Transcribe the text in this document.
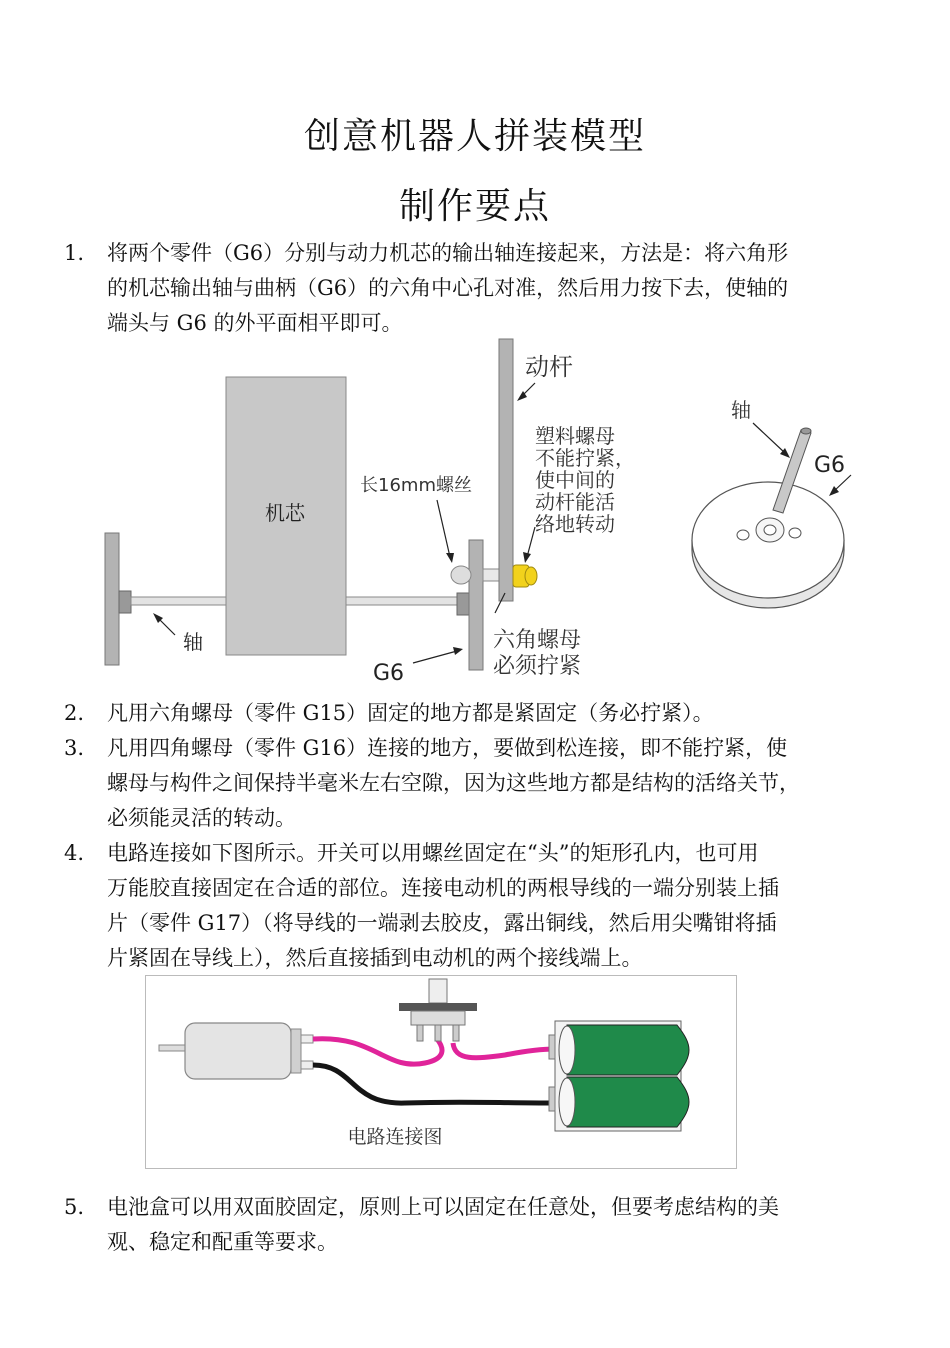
创意机器人拼装模型
制作要点
1.	将两个零件（G6）分别与动力机芯的输出轴连接起来，方法是：将六角形
的机芯输出轴与曲柄（G6）的六角中心孔对准，然后用力按下去，使轴的
端头与 G6 的外平面相平即可。
机芯
轴
动杆
长16mm螺丝
塑料螺母
不能拧紧，
使中间的
动杆能活
络地转动
六角螺母
必须拧紧
G6
轴
G6
2.	凡用六角螺母（零件 G15）固定的地方都是紧固定（务必拧紧）。
3.	凡用四角螺母（零件 G16）连接的地方，要做到松连接，即不能拧紧，使
螺母与构件之间保持半毫米左右空隙，因为这些地方都是结构的活络关节，
必须能灵活的转动。
4.	电路连接如下图所示。开关可以用螺丝固定在“头”的矩形孔内，也可用
万能胶直接固定在合适的部位。连接电动机的两根导线的一端分别装上插
片（零件 G17）（将导线的一端剥去胶皮，露出铜线，然后用尖嘴钳将插
片紧固在导线上），然后直接插到电动机的两个接线端上。
电路连接图
5.	电池盒可以用双面胶固定，原则上可以固定在任意处，但要考虑结构的美
观、稳定和配重等要求。
